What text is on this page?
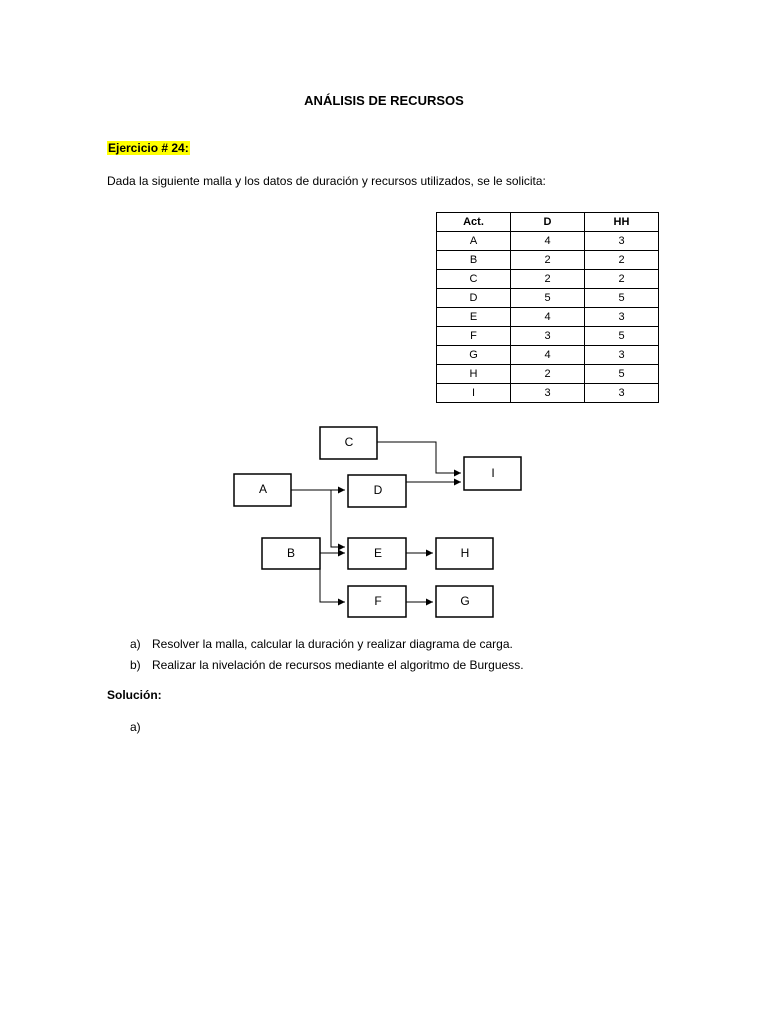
ANÁLISIS DE RECURSOS
Ejercicio # 24:
Dada la siguiente malla y los datos de duración y recursos utilizados, se le solicita:
Act.	D	HH
A	4	3
B	2	2
C	2	2
D	5	5
E	4	3
F	3	5
G	4	3
H	2	5
I	3	3
C
I
A	D
B	E	H
F	G
a) Resolver la malla, calcular la duración y realizar diagrama de carga.
b) Realizar la nivelación de recursos mediante el algoritmo de Burguess.
Solución:
a)
